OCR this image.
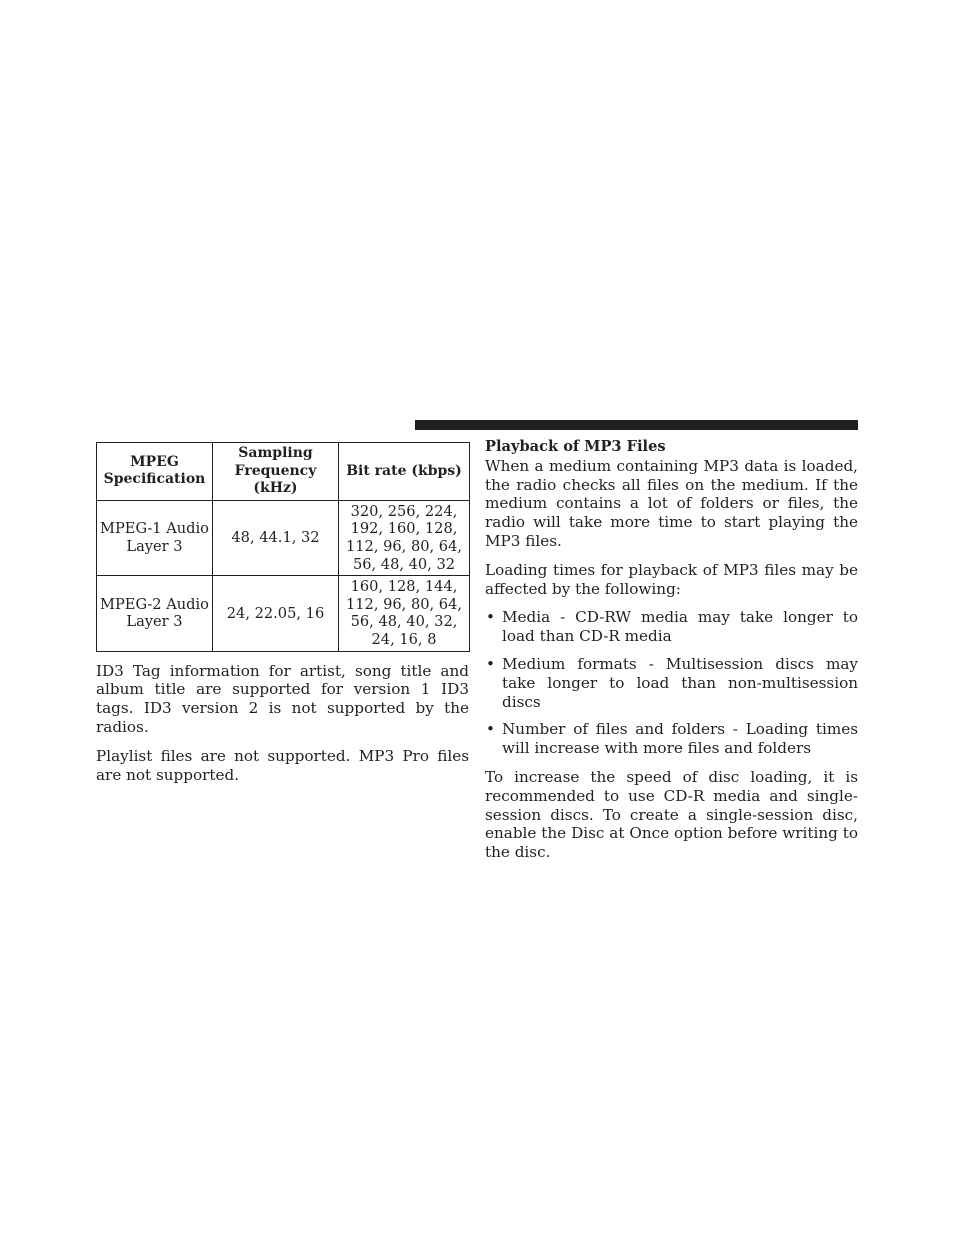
MPEG Specification	Sampling Frequency (kHz)	Bit rate (kbps)
MPEG-1 Audio Layer 3	48, 44.1, 32	320, 256, 224, 192, 160, 128, 112, 96, 80, 64, 56, 48, 40, 32
MPEG-2 Audio Layer 3	24, 22.05, 16	160, 128, 144, 112, 96, 80, 64, 56, 48, 40, 32, 24, 16, 8

ID3 Tag information for artist, song title and album title are supported for version 1 ID3 tags. ID3 version 2 is not supported by the radios.

Playlist files are not supported. MP3 Pro files are not supported.

Playback of MP3 Files

When a medium containing MP3 data is loaded, the radio checks all files on the medium. If the medium contains a lot of folders or files, the radio will take more time to start playing the MP3 files.

Loading times for playback of MP3 files may be affected by the following:

• Media - CD-RW media may take longer to load than CD-R media
• Medium formats - Multisession discs may take longer to load than non-multisession discs
• Number of files and folders - Loading times will increase with more files and folders

To increase the speed of disc loading, it is recommended to use CD-R media and single-session discs. To create a single-session disc, enable the Disc at Once option before writing to the disc.
